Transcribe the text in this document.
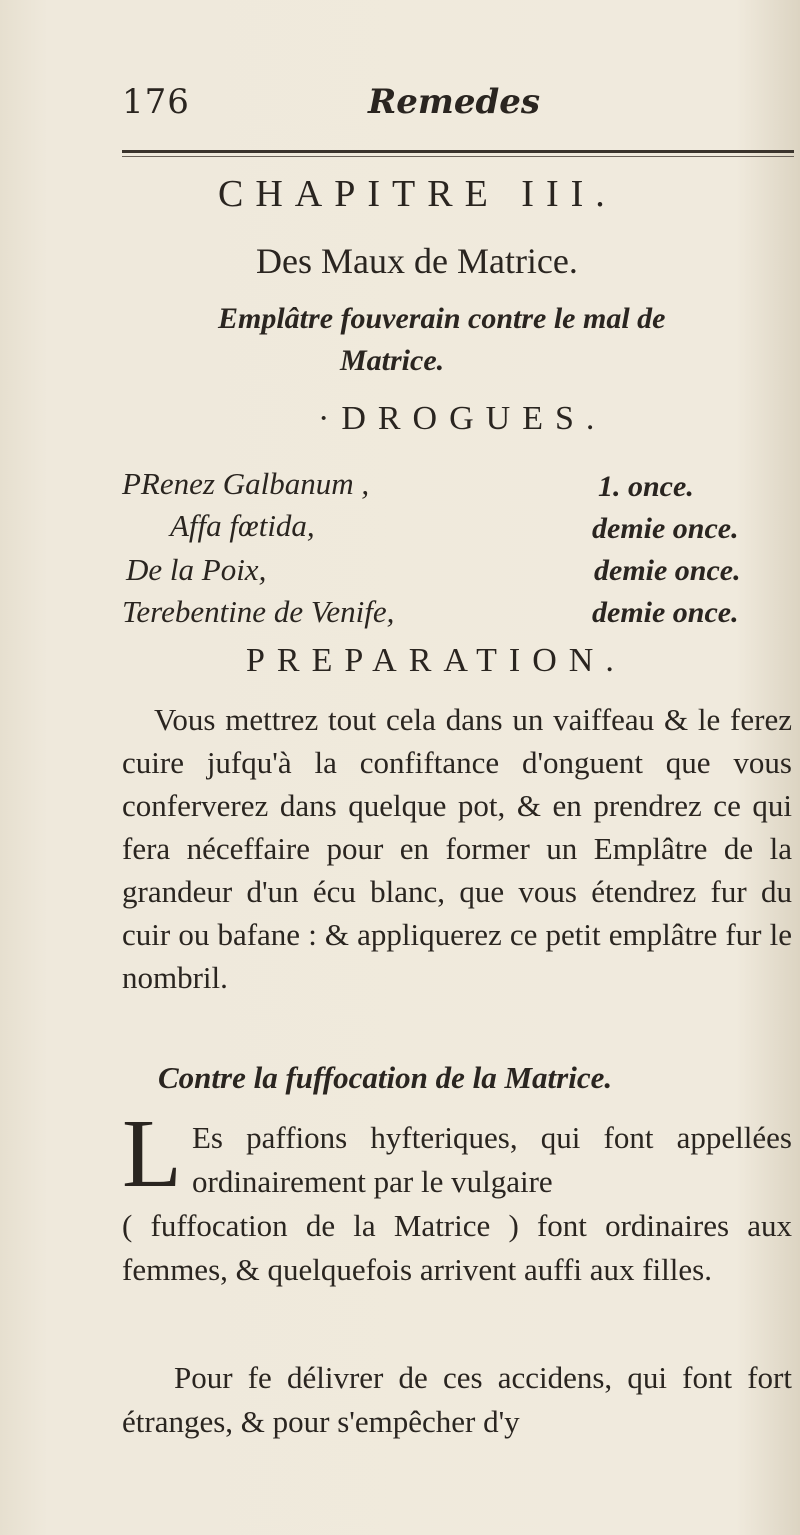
176	Remedes
CHAPITRE III.
Des Maux de Matrice.
Emplâtre fouverain contre le mal de
Matrice.
·DROGUES.
PRenez Galbanum ,	1. once.
Affa fœtida,	demie once.
De la Poix,	demie once.
Terebentine de Venife,	demie once.
PREPARATION.
Vous mettrez tout cela dans un vaiffeau & le ferez cuire jufqu'à la confiftance d'onguent que vous conferverez dans quelque pot, & en prendrez ce qui fera néceffaire pour en former un Emplâtre de la grandeur d'un écu blanc, que vous étendrez fur du cuir ou bafane : & appliquerez ce petit emplâtre fur le nombril.
Contre la fuffocation de la Matrice.
L Es paffions hyfteriques, qui font appellées ordinairement par le vulgaire
( fuffocation de la Matrice ) font ordinaires aux femmes, & quelquefois arrivent auffi aux filles.
Pour fe délivrer de ces accidens, qui font fort étranges, & pour s'empêcher d'y
